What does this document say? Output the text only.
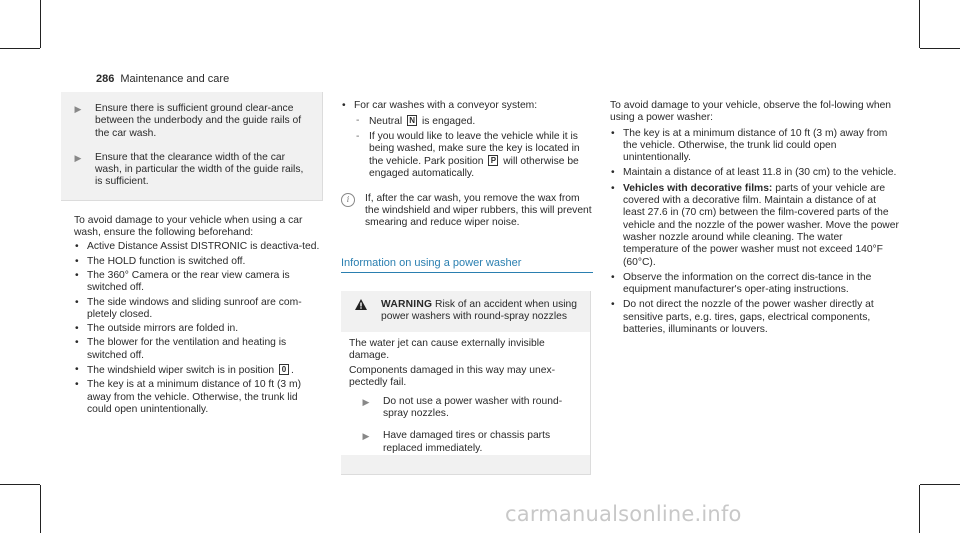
286 Maintenance and care
▶	Ensure there is sufficient ground clear-ance between the underbody and the guide rails of the car wash.
▶	Ensure that the clearance width of the car wash, in particular the width of the guide rails, is sufficient.

To avoid damage to your vehicle when using a car wash, ensure the following beforehand:

• Active Distance Assist DISTRONIC is deactiva-ted.
• The HOLD function is switched off.
• The 360° Camera or the rear view camera is switched off.
• The side windows and sliding sunroof are com-pletely closed.
• The outside mirrors are folded in.
• The blower for the ventilation and heating is switched off.
• The windshield wiper switch is in position 0 .
• The key is at a minimum distance of 10 ft (3 m) away from the vehicle. Otherwise, the trunk lid could open unintentionally.
• For car washes with a conveyor system:
- Neutral N is engaged.
- If you would like to leave the vehicle while it is being washed, make sure the key is located in the vehicle. Park position P will otherwise be engaged automatically.
i	If, after the car wash, you remove the wax from the windshield and wiper rubbers, this will prevent smearing and reduce wiper noise.
Information on using a power washer
WARNING Risk of an accident when using power washers with round-spray nozzles

The water jet can cause externally invisible damage.

Components damaged in this way may unex-pectedly fail.

▶	Do not use a power washer with round-spray nozzles.
▶	Have damaged tires or chassis parts replaced immediately.

To avoid damage to your vehicle, observe the fol-lowing when using a power washer:

• The key is at a minimum distance of 10 ft (3 m) away from the vehicle. Otherwise, the trunk lid could open unintentionally.
• Maintain a distance of at least 11.8 in (30 cm) to the vehicle.
• Vehicles with decorative films: parts of your vehicle are covered with a decorative film. Maintain a distance of at least 27.6 in (70 cm) between the film-covered parts of the vehicle and the nozzle of the power washer. Move the power washer nozzle around while cleaning. The water temperature of the power washer must not exceed 140°F (60°C).
• Observe the information on the correct dis-tance in the equipment manufacturer's oper-ating instructions.
• Do not direct the nozzle of the power washer directly at sensitive parts, e.g. tires, gaps, electrical components, batteries, illuminants or louvers.
carmanualsonline.info
